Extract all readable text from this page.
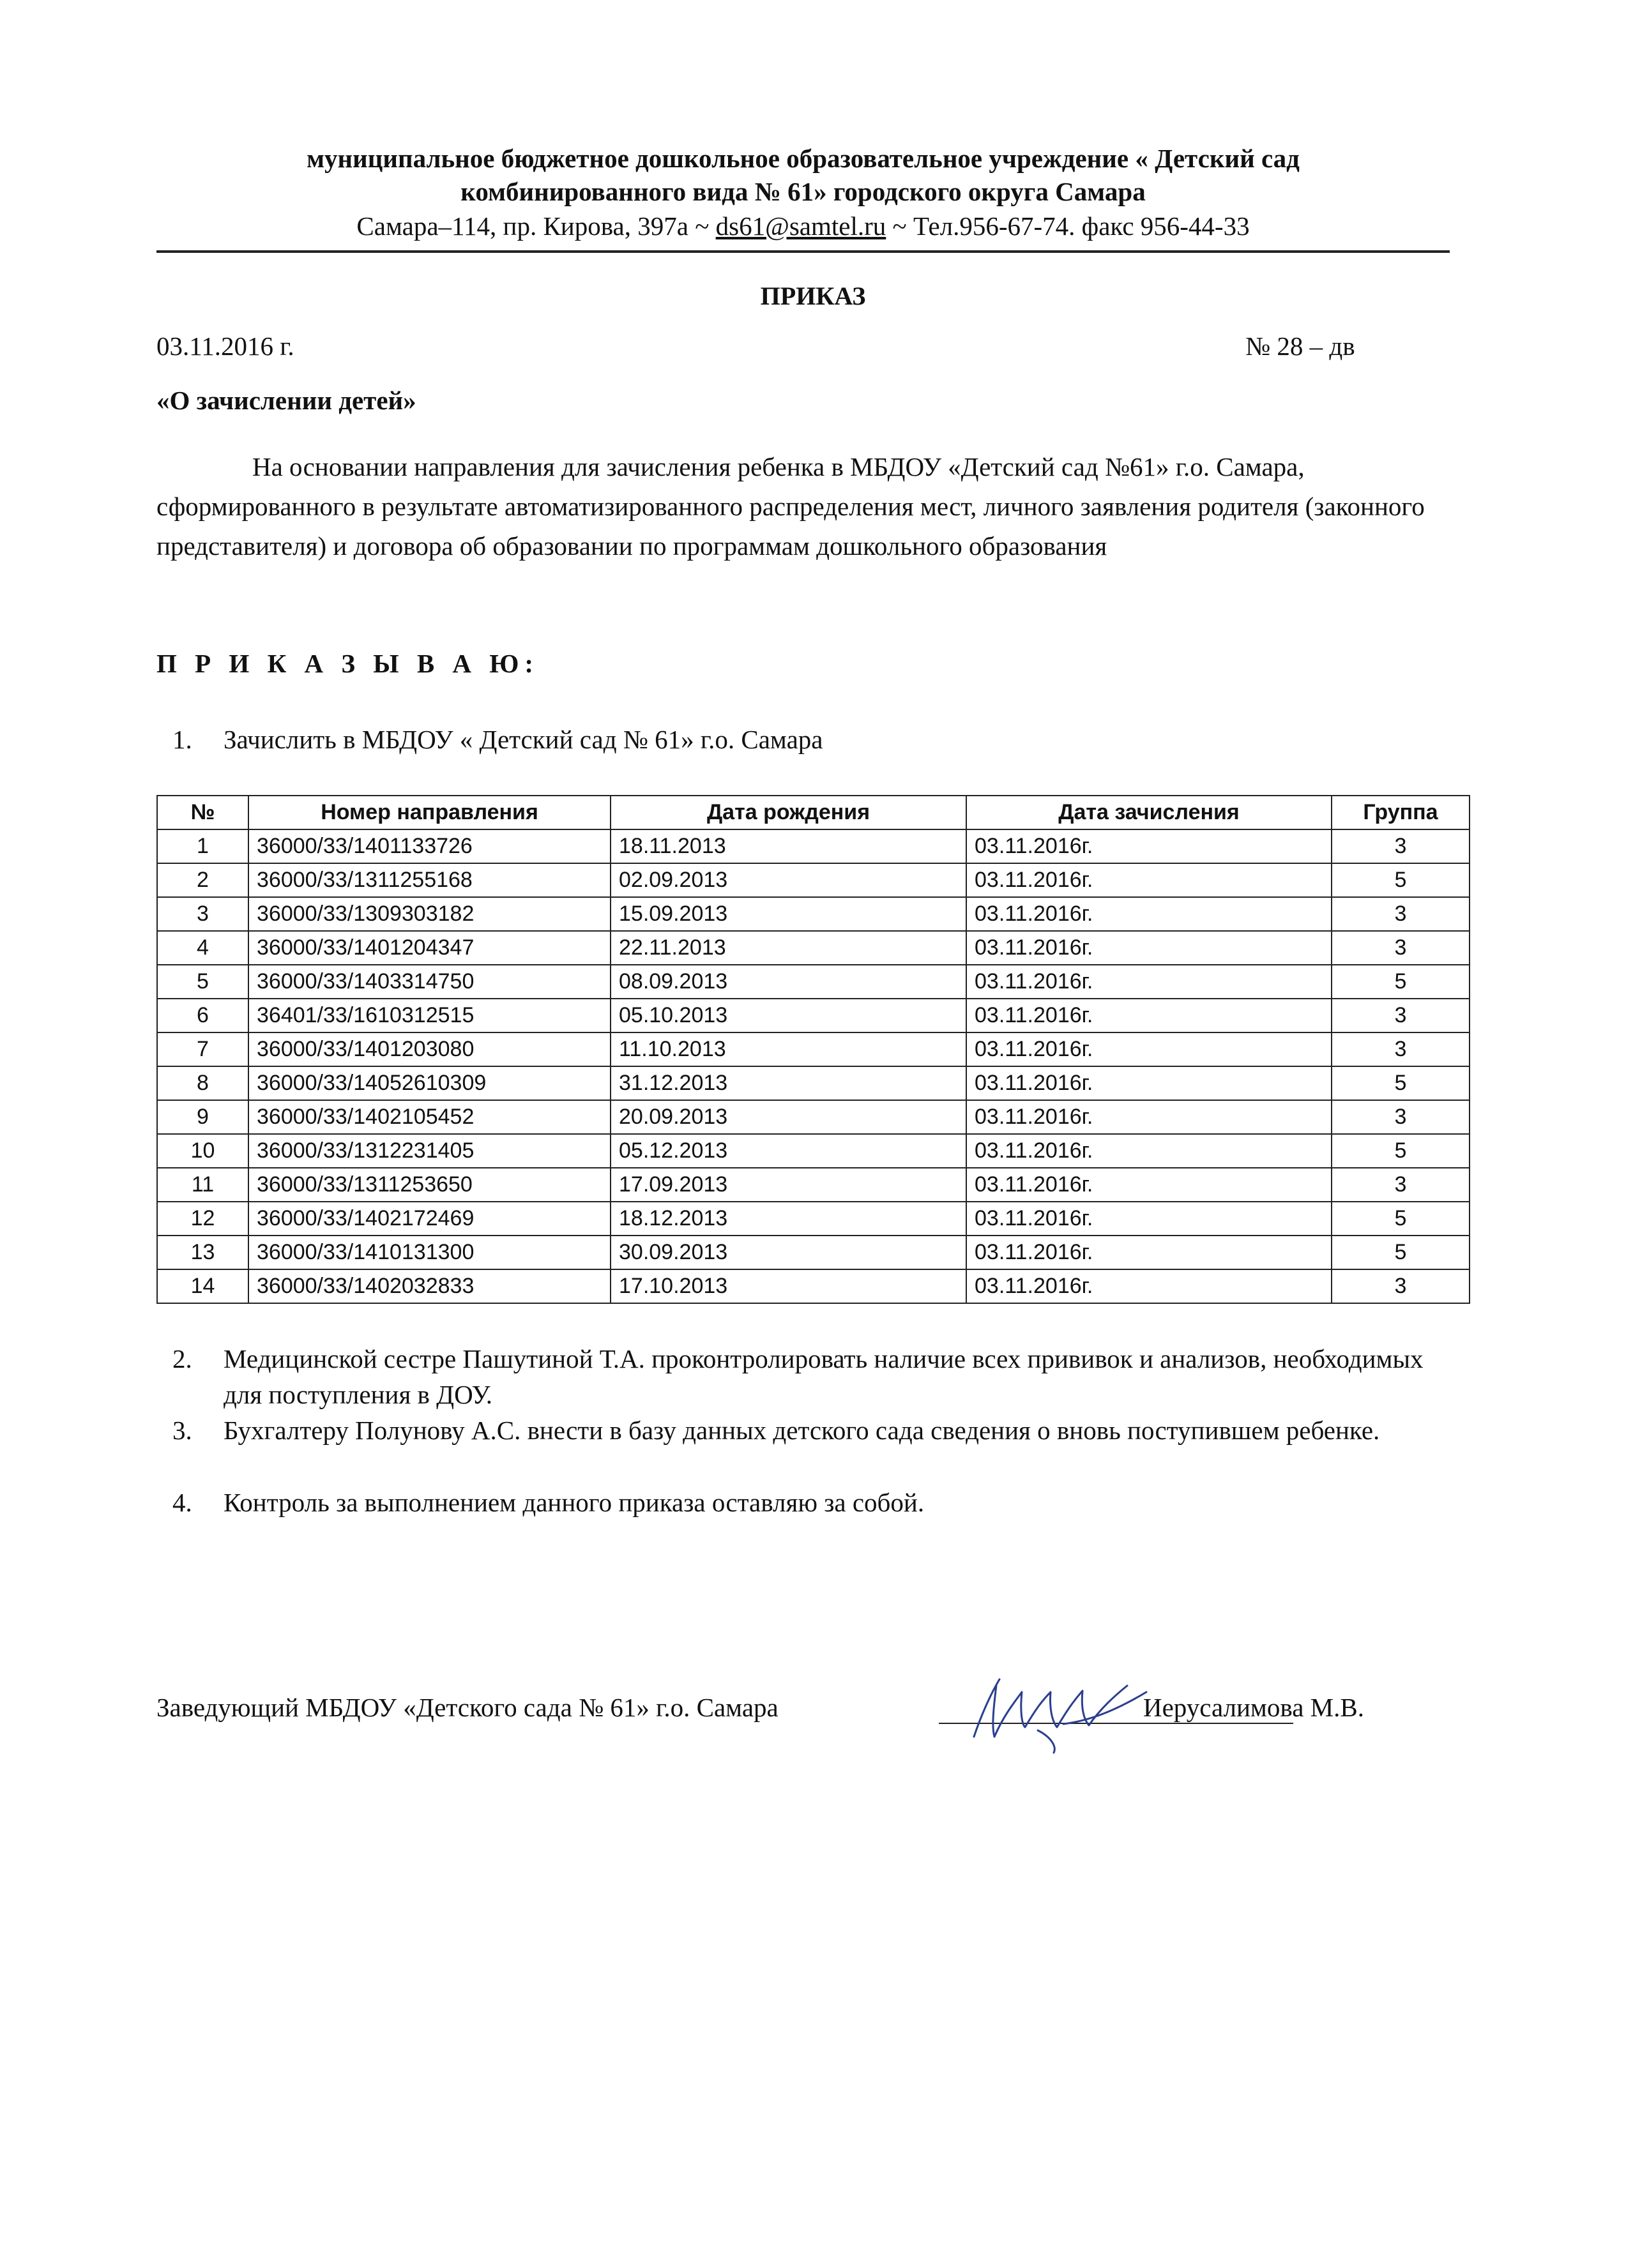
муниципальное бюджетное дошкольное образовательное учреждение « Детский сад
комбинированного вида № 61» городского округа Самара
Самара–114, пр. Кирова, 397а ~ ds61@samtel.ru ~ Тел.956-67-74. факс 956-44-33
ПРИКАЗ
03.11.2016 г.	№ 28 – дв
«О зачислении детей»
На основании направления для зачисления ребенка в МБДОУ «Детский сад №61» г.о. Самара, сформированного в результате автоматизированного распределения мест, личного заявления родителя (законного представителя) и договора об образовании по программам дошкольного образования
П Р И К А З Ы В А Ю:
1. Зачислить в МБДОУ « Детский сад № 61» г.о. Самара
№	Номер направления	Дата рождения	Дата зачисления	Группа
1	36000/33/1401133726	18.11.2013	03.11.2016г.	3
2	36000/33/1311255168	02.09.2013	03.11.2016г.	5
3	36000/33/1309303182	15.09.2013	03.11.2016г.	3
4	36000/33/1401204347	22.11.2013	03.11.2016г.	3
5	36000/33/1403314750	08.09.2013	03.11.2016г.	5
6	36401/33/1610312515	05.10.2013	03.11.2016г.	3
7	36000/33/1401203080	11.10.2013	03.11.2016г.	3
8	36000/33/14052610309	31.12.2013	03.11.2016г.	5
9	36000/33/1402105452	20.09.2013	03.11.2016г.	3
10	36000/33/1312231405	05.12.2013	03.11.2016г.	5
11	36000/33/1311253650	17.09.2013	03.11.2016г.	3
12	36000/33/1402172469	18.12.2013	03.11.2016г.	5
13	36000/33/1410131300	30.09.2013	03.11.2016г.	5
14	36000/33/1402032833	17.10.2013	03.11.2016г.	3
2. Медицинской сестре Пашутиной Т.А. проконтролировать наличие всех прививок и анализов, необходимых для поступления в ДОУ.
3. Бухгалтеру Полунову А.С. внести в базу данных детского сада сведения о вновь поступившем ребенке.
4. Контроль за выполнением данного приказа оставляю за собой.
Заведующий МБДОУ «Детского сада № 61» г.о. Самара	Иерусалимова М.В.
